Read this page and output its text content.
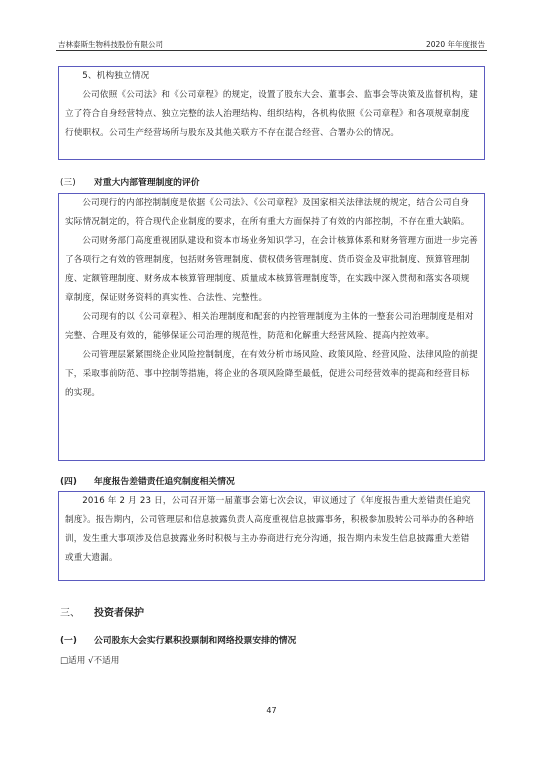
吉林泰斯生物科技股份有限公司	2020 年年度报告

5、机构独立情况

公司依照《公司法》和《公司章程》的规定，设置了股东大会、董事会、监事会等决策及监督机构，建立了符合自身经营特点、独立完整的法人治理结构、组织结构，各机构依照《公司章程》和各项规章制度行使职权。公司生产经营场所与股东及其他关联方不存在混合经营、合署办公的情况。

(三) 对重大内部管理制度的评价

公司现行的内部控制制度是依据《公司法》、《公司章程》及国家相关法律法规的规定，结合公司自身实际情况制定的，符合现代企业制度的要求，在所有重大方面保持了有效的内部控制，不存在重大缺陷。

公司财务部门高度重视团队建设和资本市场业务知识学习，在会计核算体系和财务管理方面进一步完善了各项行之有效的管理制度，包括财务管理制度、债权债务管理制度、货币资金及审批制度、预算管理制度、定额管理制度、财务成本核算管理制度、质量成本核算管理制度等，在实践中深入贯彻和落实各项规章制度，保证财务资料的真实性、合法性、完整性。

公司现有的以《公司章程》、相关治理制度和配套的内控管理制度为主体的一整套公司治理制度是相对完整、合理及有效的，能够保证公司治理的规范性，防范和化解重大经营风险、提高内控效率。

公司管理层紧紧围绕企业风险控制制度，在有效分析市场风险、政策风险、经营风险、法律风险的前提下，采取事前防范、事中控制等措施，将企业的各项风险降至最低，促进公司经营效率的提高和经营目标的实现。

(四) 年度报告差错责任追究制度相关情况

2016 年 2 月 23 日，公司召开第一届董事会第七次会议，审议通过了《年度报告重大差错责任追究制度》。报告期内，公司管理层和信息披露负责人高度重视信息披露事务，积极参加股转公司举办的各种培训，发生重大事项涉及信息披露业务时积极与主办券商进行充分沟通，报告期内未发生信息披露重大差错或重大遗漏。

三、 投资者保护
(一) 公司股东大会实行累积投票制和网络投票安排的情况
□适用 √不适用
47
